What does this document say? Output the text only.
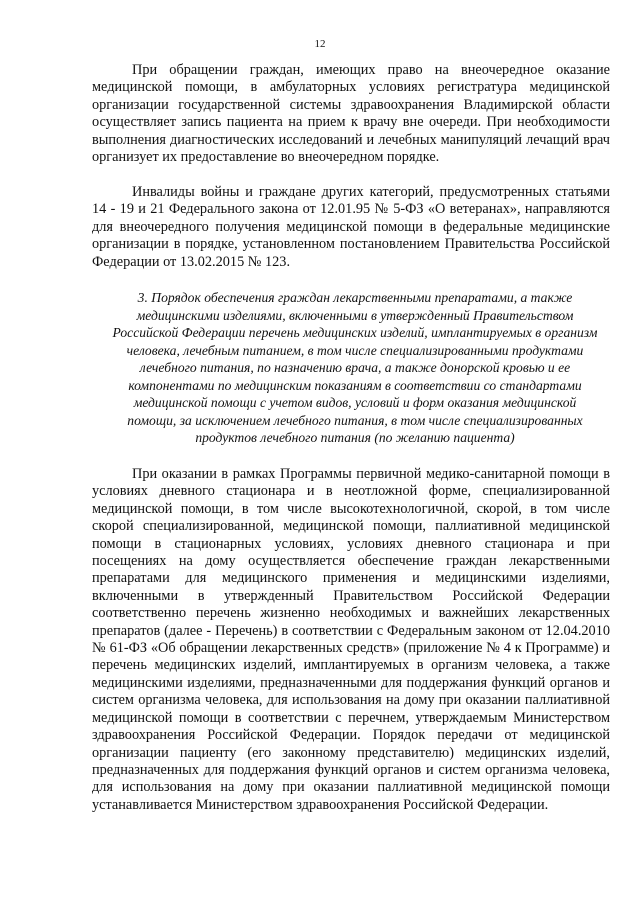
12

При обращении граждан, имеющих право на внеочередное оказание медицинской помощи, в амбулаторных условиях регистратура медицинской организации государственной системы здравоохранения Владимирской области осуществляет запись пациента на прием к врачу вне очереди. При необходимости выполнения диагностических исследований и лечебных манипуляций лечащий врач организует их предоставление во внеочередном порядке.

Инвалиды войны и граждане других категорий, предусмотренных статьями 14 - 19 и 21 Федерального закона от 12.01.95 № 5-ФЗ «О ветеранах», направляются для внеочередного получения медицинской помощи в федеральные медицинские организации в порядке, установленном постановлением Правительства Российской Федерации от 13.02.2015 № 123.

3. Порядок обеспечения граждан лекарственными препаратами, а также медицинскими изделиями, включенными в утвержденный Правительством Российской Федерации перечень медицинских изделий, имплантируемых в организм человека, лечебным питанием, в том числе специализированными продуктами лечебного питания, по назначению врача, а также донорской кровью и ее компонентами по медицинским показаниям в соответствии со стандартами медицинской помощи с учетом видов, условий и форм оказания медицинской помощи, за исключением лечебного питания, в том числе специализированных продуктов лечебного питания (по желанию пациента)

При оказании в рамках Программы первичной медико-санитарной помощи в условиях дневного стационара и в неотложной форме, специализированной медицинской помощи, в том числе высокотехнологичной, скорой, в том числе скорой специализированной, медицинской помощи, паллиативной медицинской помощи в стационарных условиях, условиях дневного стационара и при посещениях на дому осуществляется обеспечение граждан лекарственными препаратами для медицинского применения и медицинскими изделиями, включенными в утвержденный Правительством Российской Федерации соответственно перечень жизненно необходимых и важнейших лекарственных препаратов (далее - Перечень) в соответствии с Федеральным законом от 12.04.2010 № 61-ФЗ «Об обращении лекарственных средств» (приложение № 4 к Программе) и перечень медицинских изделий, имплантируемых в организм человека, а также медицинскими изделиями, предназначенными для поддержания функций органов и систем организма человека, для использования на дому при оказании паллиативной медицинской помощи в соответствии с перечнем, утверждаемым Министерством здравоохранения Российской Федерации. Порядок передачи от медицинской организации пациенту (его законному представителю) медицинских изделий, предназначенных для поддержания функций органов и систем организма человека, для использования на дому при оказании паллиативной медицинской помощи устанавливается Министерством здравоохранения Российской Федерации.
